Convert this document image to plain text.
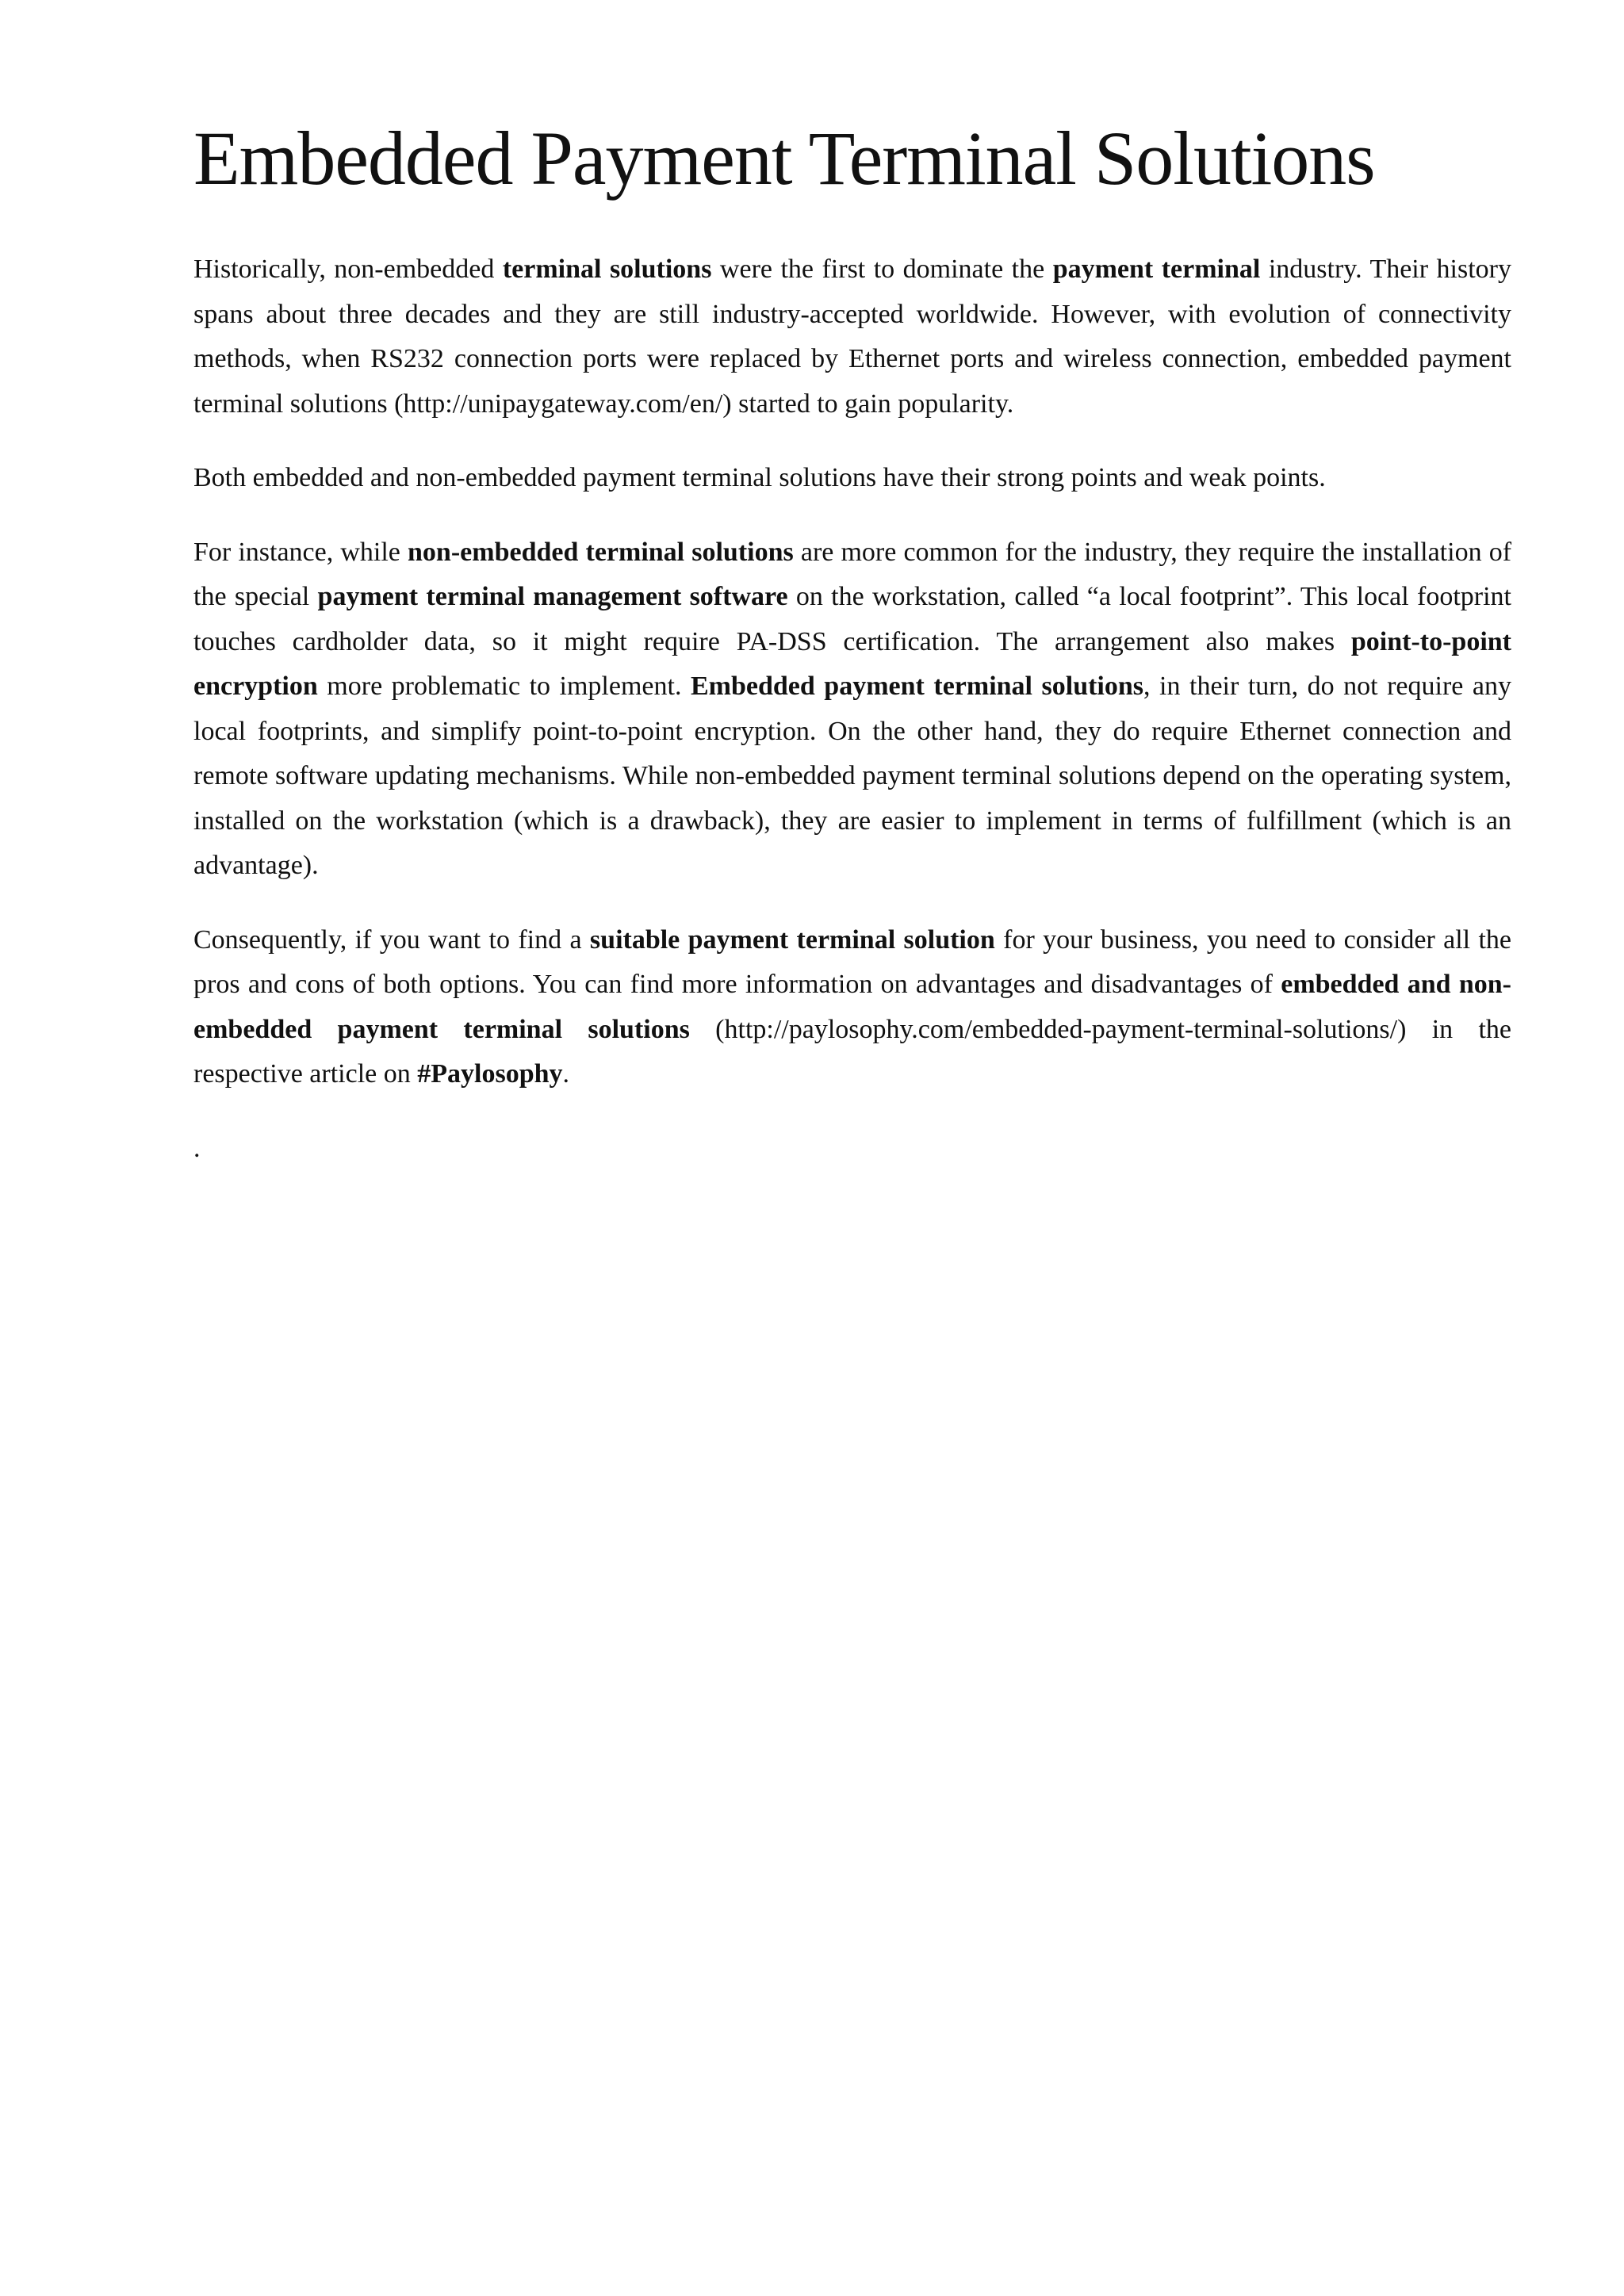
Embedded Payment Terminal Solutions

Historically, non-embedded terminal solutions were the first to dominate the payment terminal industry. Their history spans about three decades and they are still industry-accepted worldwide. However, with evolution of connectivity methods, when RS232 connection ports were replaced by Ethernet ports and wireless connection, embedded payment terminal solutions (http://unipaygateway.com/en/) started to gain popularity.

Both embedded and non-embedded payment terminal solutions have their strong points and weak points.

For instance, while non-embedded terminal solutions are more common for the industry, they require the installation of the special payment terminal management software on the workstation, called “a local footprint”. This local footprint touches cardholder data, so it might require PA-DSS certification. The arrangement also makes point-to-point encryption more problematic to implement. Embedded payment terminal solutions, in their turn, do not require any local footprints, and simplify point-to-point encryption. On the other hand, they do require Ethernet connection and remote software updating mechanisms. While non-embedded payment terminal solutions depend on the operating system, installed on the workstation (which is a drawback), they are easier to implement in terms of fulfillment (which is an advantage).

Consequently, if you want to find a suitable payment terminal solution for your business, you need to consider all the pros and cons of both options. You can find more information on advantages and disadvantages of embedded and non-embedded payment terminal solutions (http://paylosophy.com/embedded-payment-terminal-solutions/) in the respective article on #Paylosophy.

.
